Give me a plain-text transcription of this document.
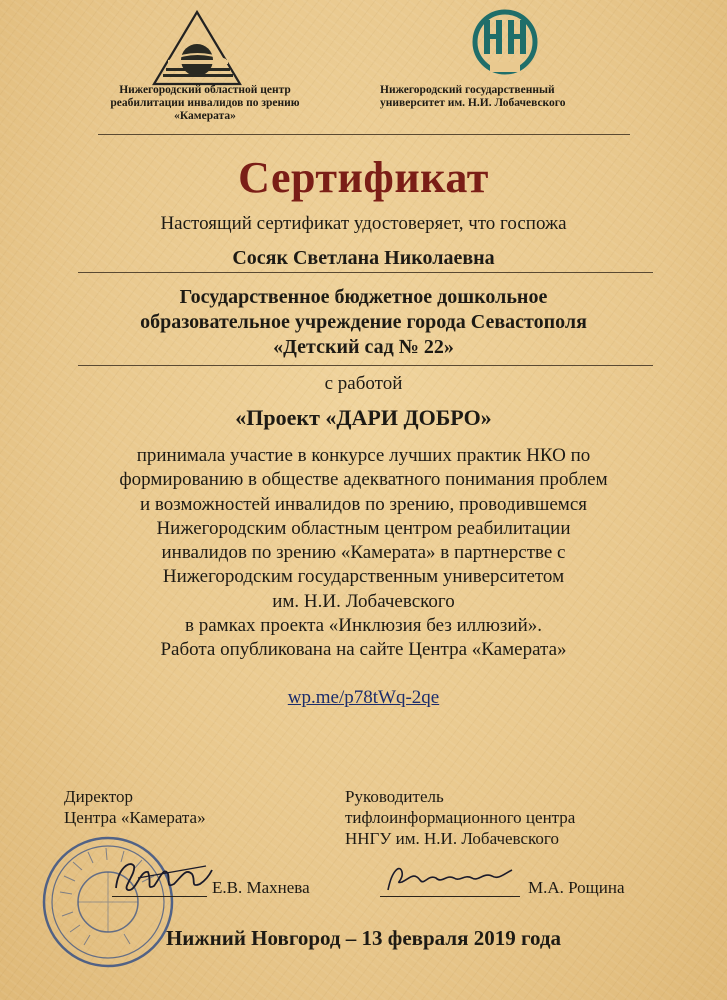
Нижегородский областной центр
реабилитации инвалидов по зрению
«Камерата»
Нижегородский государственный
университет им. Н.И. Лобачевского
Сертификат
Настоящий сертификат удостоверяет, что госпожа
Сосяк Светлана Николаевна
Государственное бюджетное дошкольное
образовательное учреждение города Севастополя
«Детский сад № 22»
с работой
«Проект «ДАРИ ДОБРО»
принимала участие в конкурсе лучших практик НКО по
формированию в обществе адекватного понимания проблем
и возможностей инвалидов по зрению, проводившемся
Нижегородским областным центром реабилитации
инвалидов по зрению «Камерата» в партнерстве с
Нижегородским государственным университетом
им. Н.И. Лобачевского
в рамках проекта «Инклюзия без иллюзий».
Работа опубликована на сайте Центра «Камерата»
wp.me/p78tWq-2qe
Директор
Центра «Камерата»
Руководитель
тифлоинформационного центра
ННГУ им. Н.И. Лобачевского
Е.В. Махнева	М.А. Рощина
Нижний Новгород – 13 февраля 2019 года
